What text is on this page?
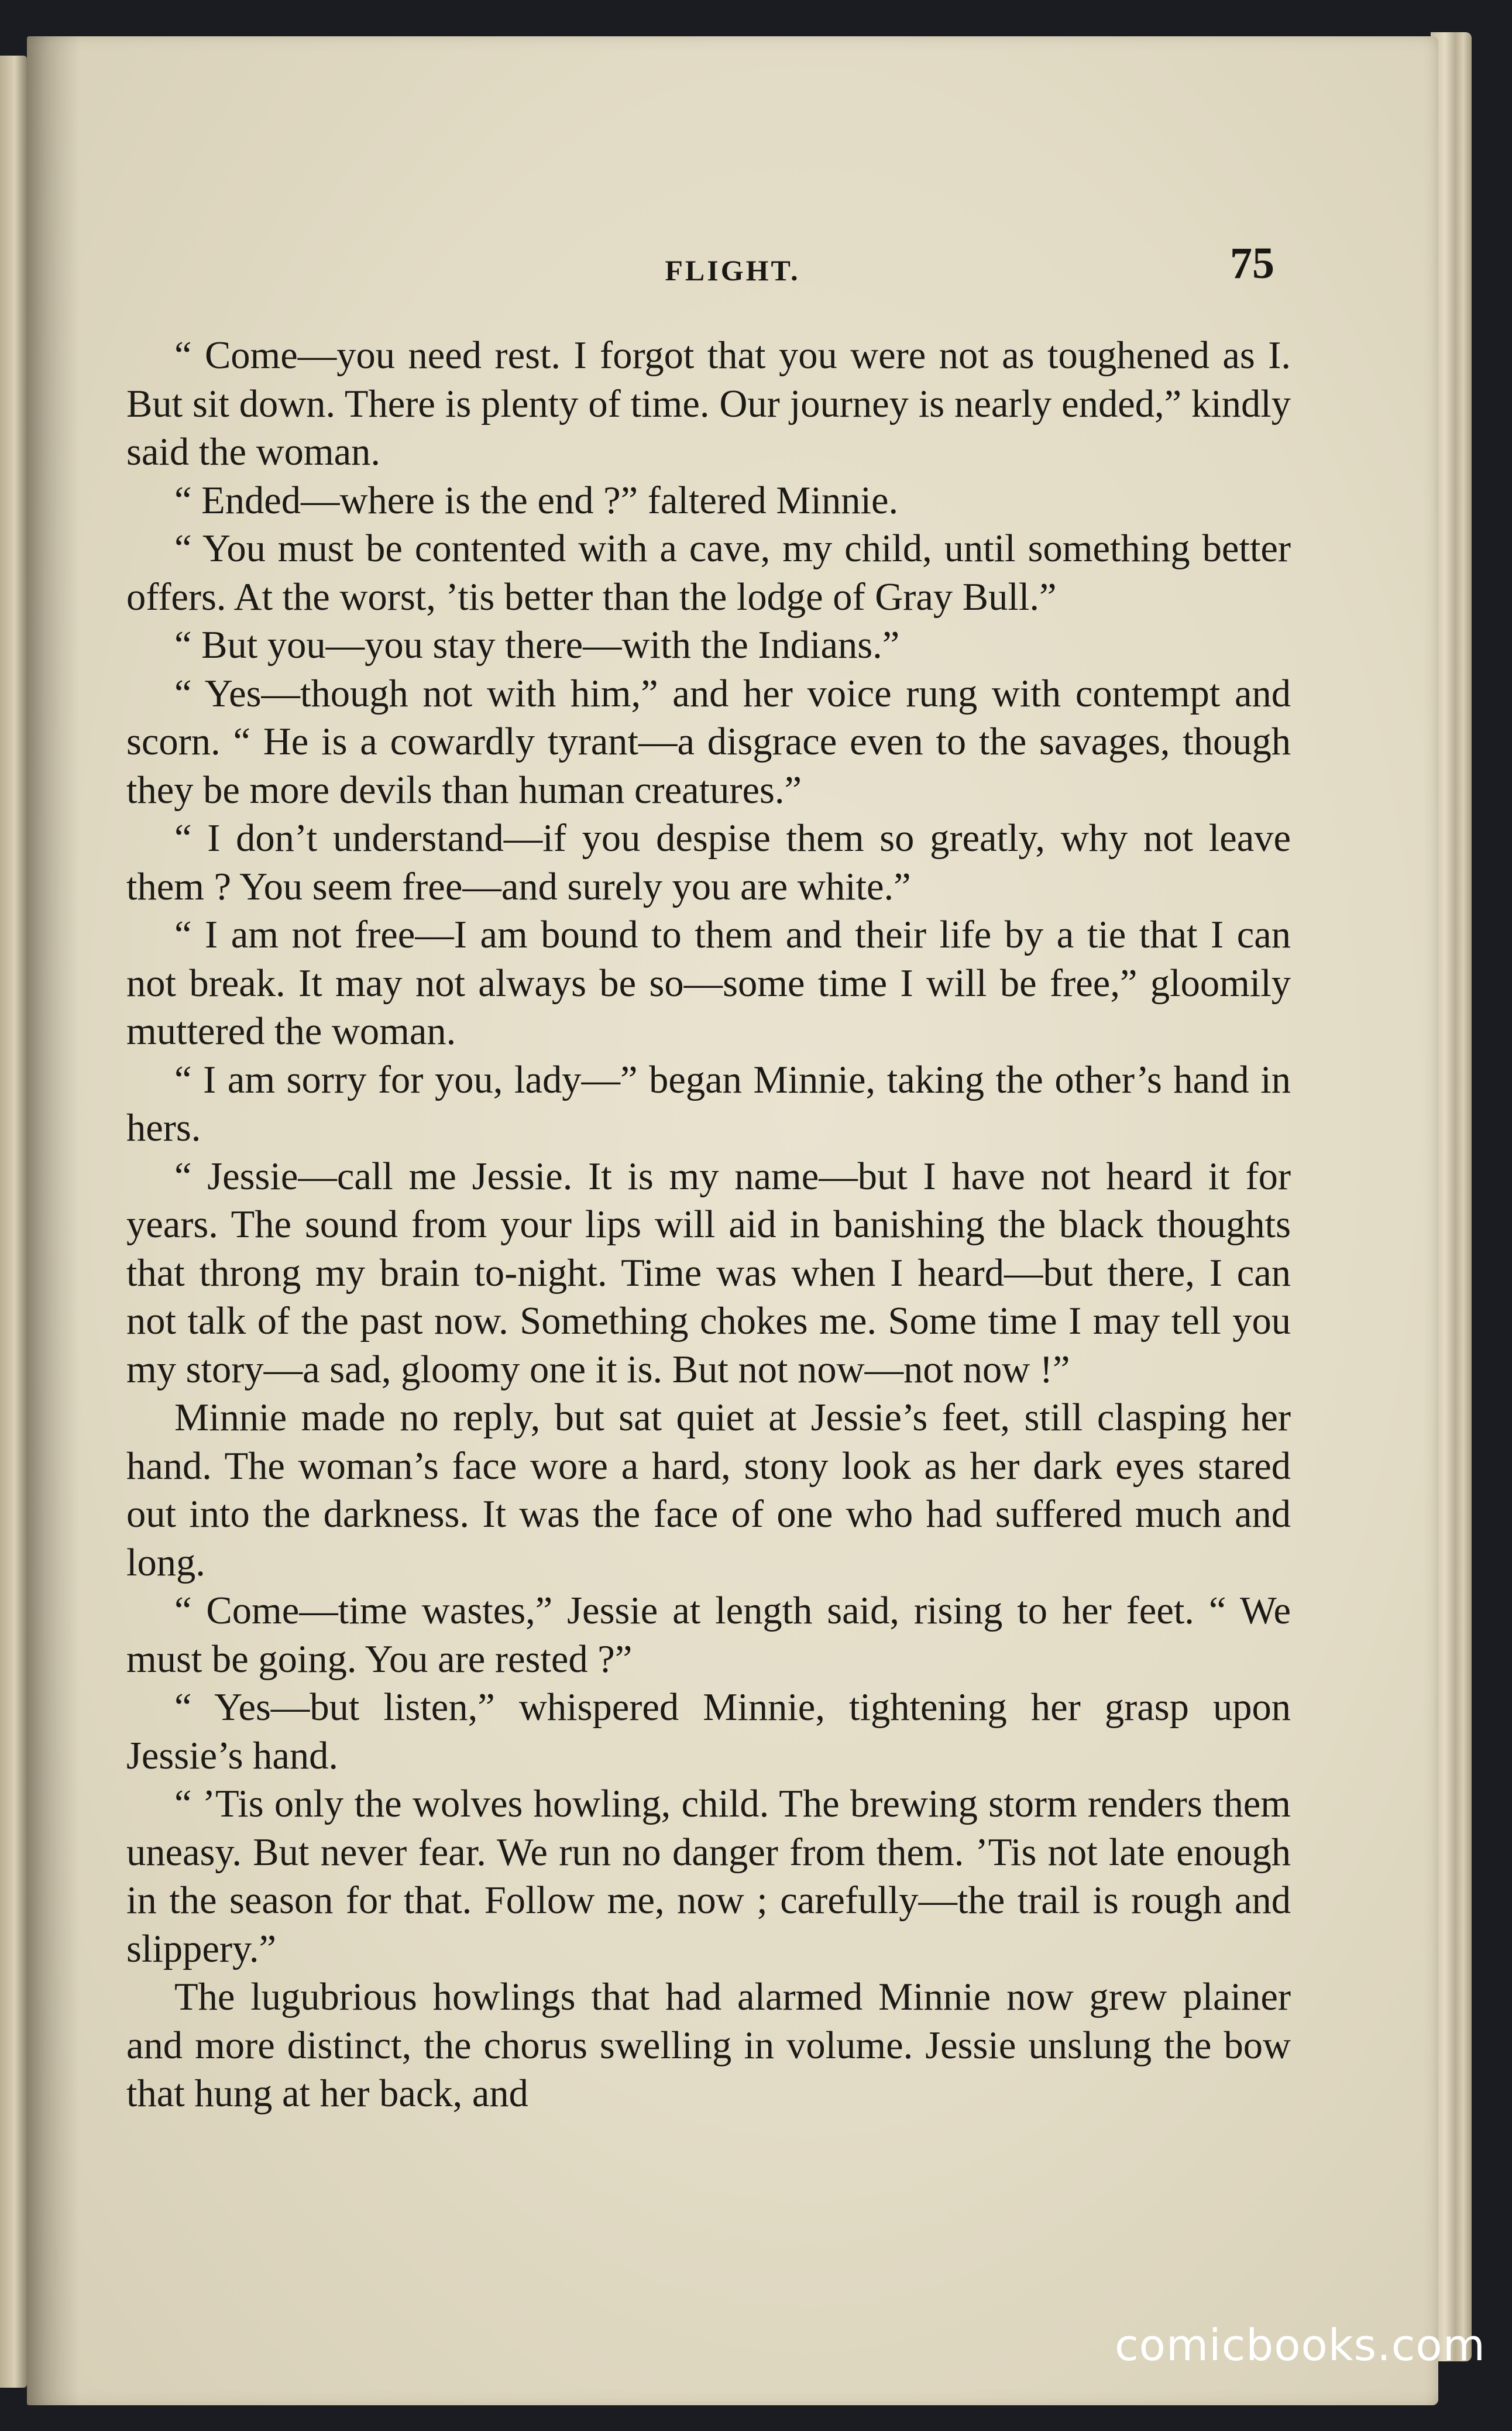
FLIGHT.	75

“ Come—you need rest. I forgot that you were not as toughened as I. But sit down. There is plenty of time. Our journey is nearly ended,” kindly said the woman.

“ Ended—where is the end ?” faltered Minnie.

“ You must be contented with a cave, my child, until something better offers. At the worst, ’tis better than the lodge of Gray Bull.”

“ But you—you stay there—with the Indians.”

“ Yes—though not with him,” and her voice rung with contempt and scorn. “ He is a cowardly tyrant—a disgrace even to the savages, though they be more devils than human creatures.”

“ I don’t understand—if you despise them so greatly, why not leave them ? You seem free—and surely you are white.”

“ I am not free—I am bound to them and their life by a tie that I can not break. It may not always be so—some time I will be free,” gloomily muttered the woman.

“ I am sorry for you, lady—” began Minnie, taking the other’s hand in hers.

“ Jessie—call me Jessie. It is my name—but I have not heard it for years. The sound from your lips will aid in banishing the black thoughts that throng my brain to-night. Time was when I heard—but there, I can not talk of the past now. Something chokes me. Some time I may tell you my story—a sad, gloomy one it is. But not now—not now !”

Minnie made no reply, but sat quiet at Jessie’s feet, still clasping her hand. The woman’s face wore a hard, stony look as her dark eyes stared out into the darkness. It was the face of one who had suffered much and long.

“ Come—time wastes,” Jessie at length said, rising to her feet. “ We must be going. You are rested ?”

“ Yes—but listen,” whispered Minnie, tightening her grasp upon Jessie’s hand.

“ ’Tis only the wolves howling, child. The brewing storm renders them uneasy. But never fear. We run no danger from them. ’Tis not late enough in the season for that. Follow me, now ; carefully—the trail is rough and slippery.”

The lugubrious howlings that had alarmed Minnie now grew plainer and more distinct, the chorus swelling in volume. Jessie unslung the bow that hung at her back, and

comicbooks.com
